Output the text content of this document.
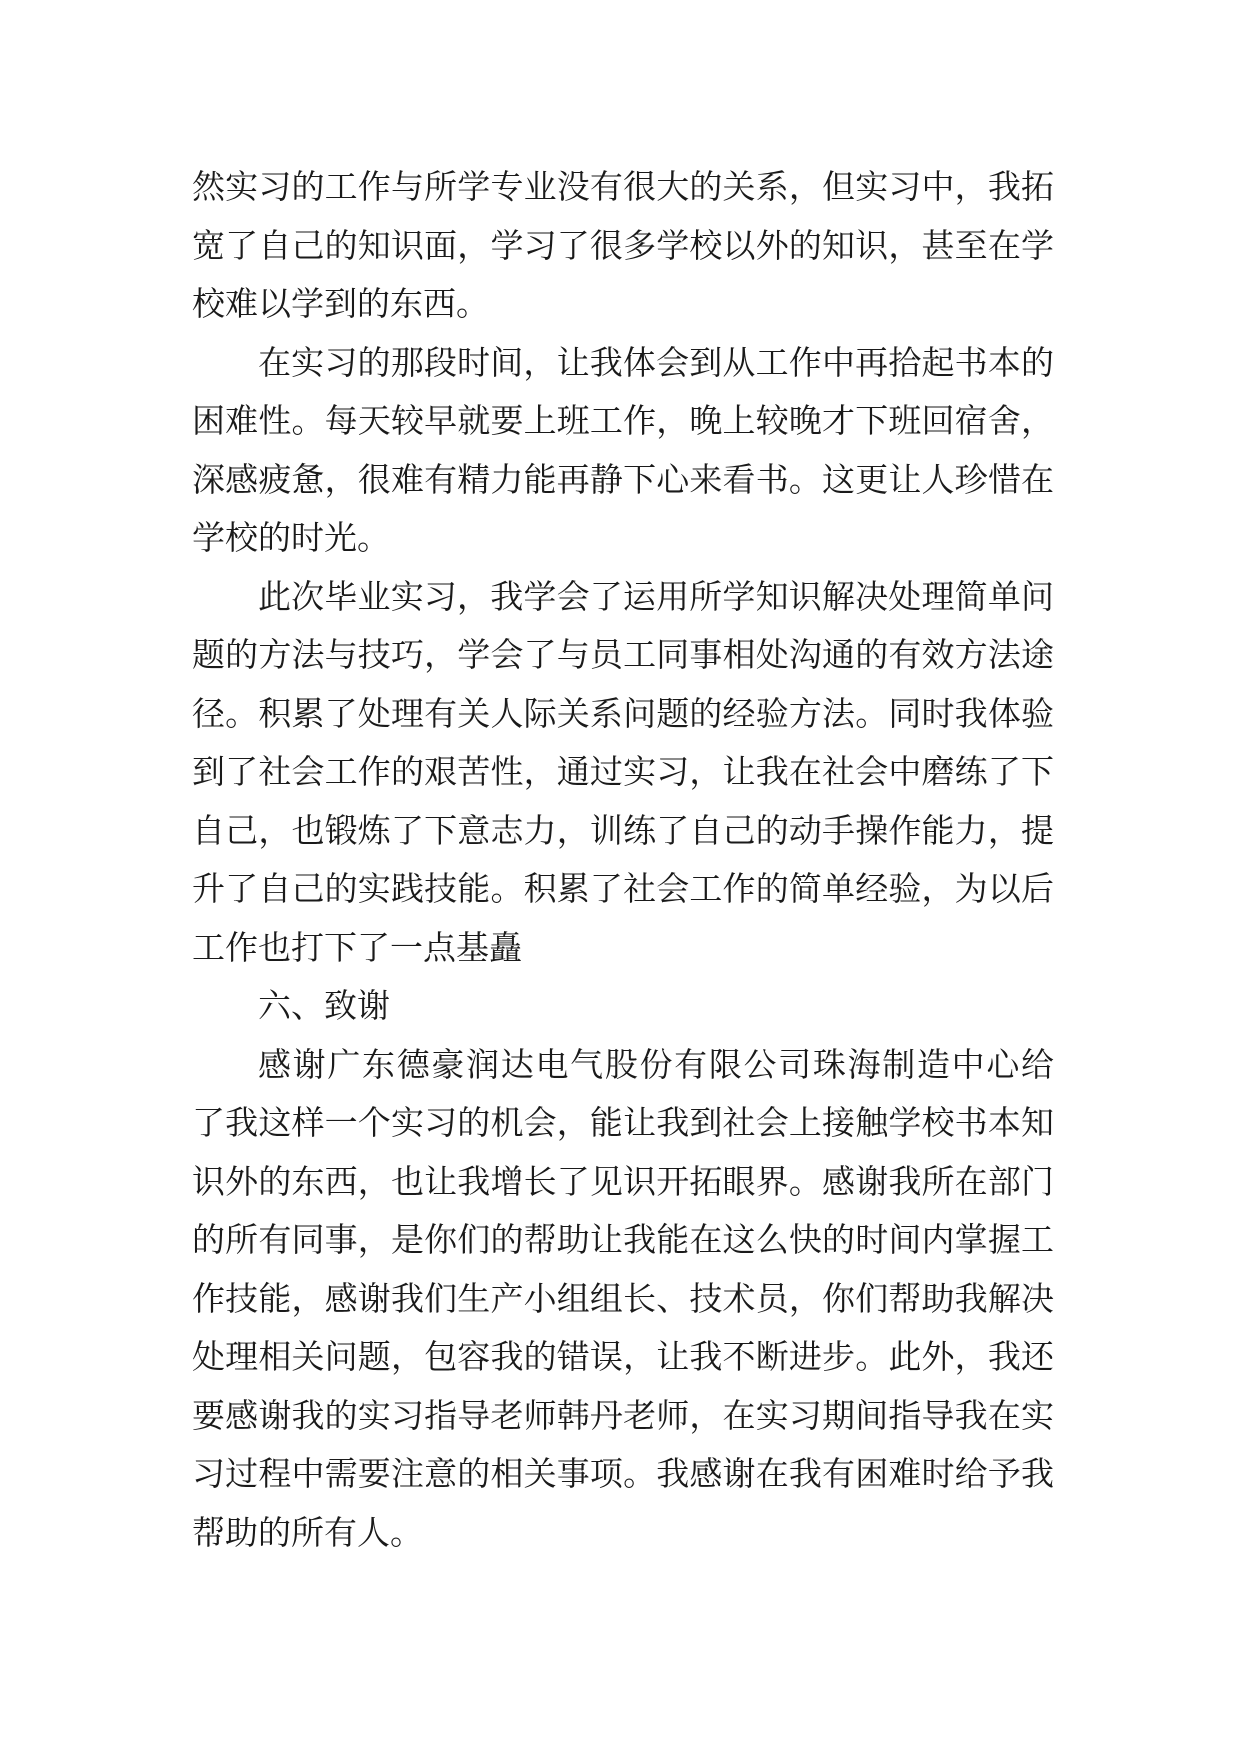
然实习的工作与所学专业没有很大的关系，但实习中，我拓
宽了自己的知识面，学习了很多学校以外的知识，甚至在学
校难以学到的东西。
在实习的那段时间，让我体会到从工作中再拾起书本的
困难性。每天较早就要上班工作，晚上较晚才下班回宿舍，
深感疲惫，很难有精力能再静下心来看书。这更让人珍惜在
学校的时光。
此次毕业实习，我学会了运用所学知识解决处理简单问
题的方法与技巧，学会了与员工同事相处沟通的有效方法途
径。积累了处理有关人际关系问题的经验方法。同时我体验
到了社会工作的艰苦性，通过实习，让我在社会中磨练了下
自己，也锻炼了下意志力，训练了自己的动手操作能力，提
升了自己的实践技能。积累了社会工作的简单经验，为以后
工作也打下了一点基矗
六、致谢
感谢广东德豪润达电气股份有限公司珠海制造中心给
了我这样一个实习的机会，能让我到社会上接触学校书本知
识外的东西，也让我增长了见识开拓眼界。感谢我所在部门
的所有同事，是你们的帮助让我能在这么快的时间内掌握工
作技能，感谢我们生产小组组长、技术员，你们帮助我解决
处理相关问题，包容我的错误，让我不断进步。此外，我还
要感谢我的实习指导老师韩丹老师，在实习期间指导我在实
习过程中需要注意的相关事项。我感谢在我有困难时给予我
帮助的所有人。
